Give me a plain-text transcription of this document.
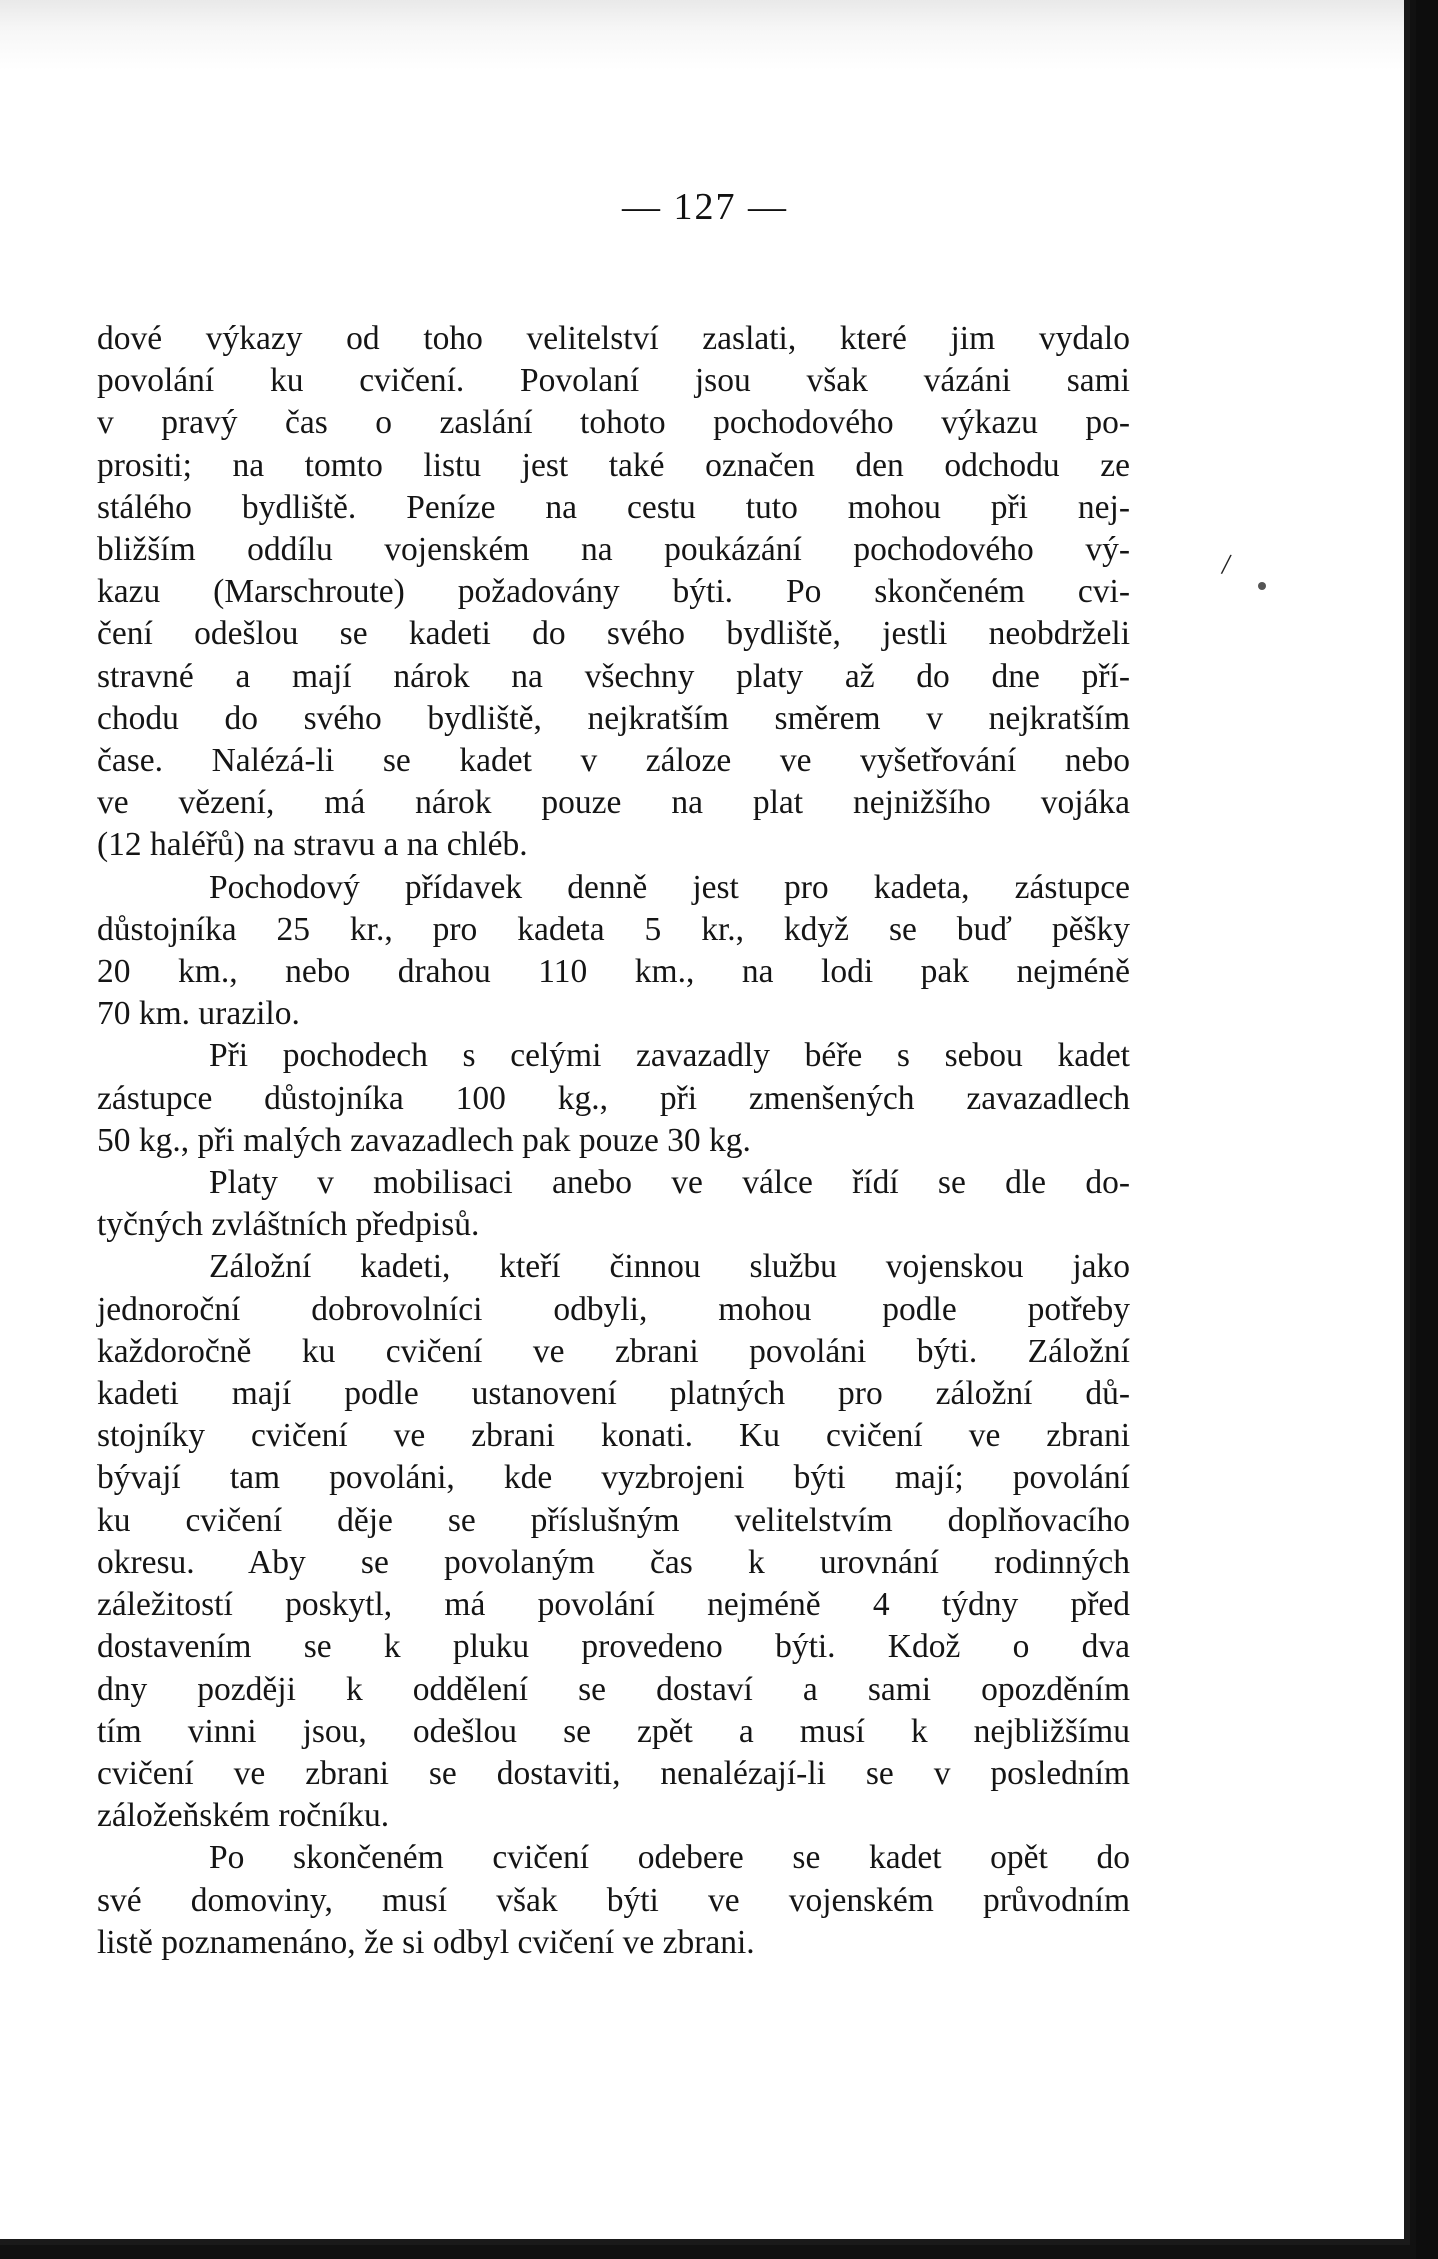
— 127 —
dové výkazy od toho velitelství zaslati, které jim vydalo
povolání ku cvičení. Povolaní jsou však vázáni sami
v pravý čas o zaslání tohoto pochodového výkazu po-
prositi; na tomto listu jest také označen den odchodu ze
stálého bydliště. Peníze na cestu tuto mohou při nej-
bližším oddílu vojenském na poukázání pochodového vý-
kazu (Marschroute) požadovány býti. Po skončeném cvi-
čení odešlou se kadeti do svého bydliště, jestli neobdrželi
stravné a mají nárok na všechny platy až do dne pří-
chodu do svého bydliště, nejkratším směrem v nejkratším
čase. Nalézá-li se kadet v záloze ve vyšetřování nebo
ve vězení, má nárok pouze na plat nejnižšího vojáka
(12 haléřů) na stravu a na chléb.
Pochodový přídavek denně jest pro kadeta, zástupce
důstojníka 25 kr., pro kadeta 5 kr., když se buď pěšky
20 km., nebo drahou 110 km., na lodi pak nejméně
70 km. urazilo.
Při pochodech s celými zavazadly béře s sebou kadet
zástupce důstojníka 100 kg., při zmenšených zavazadlech
50 kg., při malých zavazadlech pak pouze 30 kg.
Platy v mobilisaci anebo ve válce řídí se dle do-
tyčných zvláštních předpisů.
Záložní kadeti, kteří činnou službu vojenskou jako
jednoroční dobrovolníci odbyli, mohou podle potřeby
každoročně ku cvičení ve zbrani povoláni býti. Záložní
kadeti mají podle ustanovení platných pro záložní dů-
stojníky cvičení ve zbrani konati. Ku cvičení ve zbrani
bývají tam povoláni, kde vyzbrojeni býti mají; povolání
ku cvičení děje se příslušným velitelstvím doplňovacího
okresu. Aby se povolaným čas k urovnání rodinných
záležitostí poskytl, má povolání nejméně 4 týdny před
dostavením se k pluku provedeno býti. Kdož o dva
dny později k oddělení se dostaví a sami opozděním
tím vinni jsou, odešlou se zpět a musí k nejbližšímu
cvičení ve zbrani se dostaviti, nenalézají-li se v posledním
záložeňském ročníku.
Po skončeném cvičení odebere se kadet opět do
své domoviny, musí však býti ve vojenském průvodním
listě poznamenáno, že si odbyl cvičení ve zbrani.
/
